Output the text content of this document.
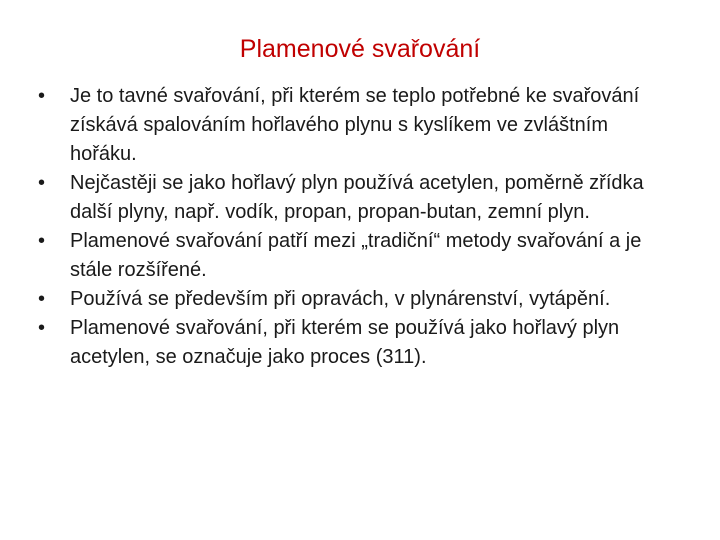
Plamenové svařování
•	Je to tavné svařování, při kterém se teplo potřebné ke svařování získává spalováním hořlavého plynu s kyslíkem ve zvláštním hořáku.
•	Nejčastěji se jako hořlavý plyn používá acetylen, poměrně zřídka další plyny, např. vodík, propan, propan-butan, zemní plyn.
•	Plamenové svařování patří mezi „tradiční“ metody svařování a je stále rozšířené.
•	Používá se především při opravách, v plynárenství, vytápění.
•	Plamenové svařování, při kterém se používá jako hořlavý plyn acetylen, se označuje jako proces (311).
